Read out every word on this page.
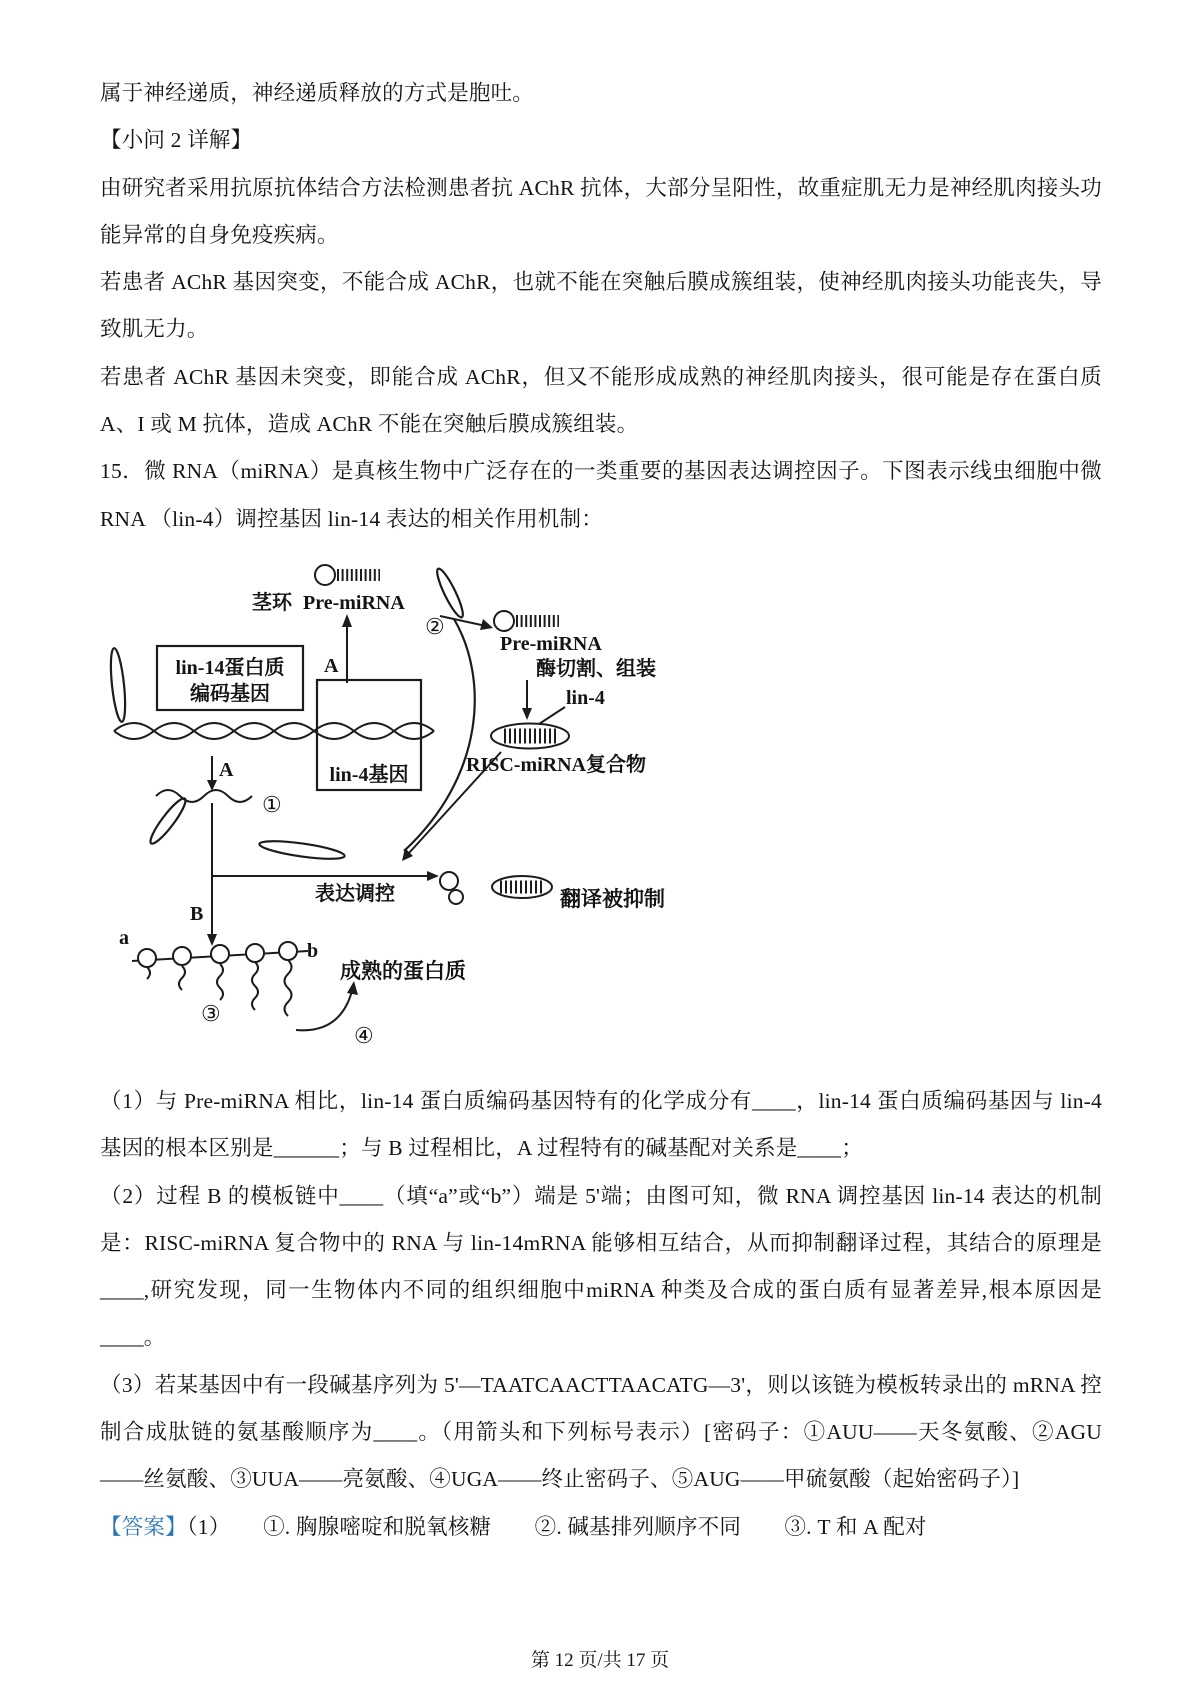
属于神经递质，神经递质释放的方式是胞吐。

【小问 2 详解】

由研究者采用抗原抗体结合方法检测患者抗 AChR 抗体，大部分呈阳性，故重症肌无力是神经肌肉接头功能异常的自身免疫疾病。

若患者 AChR 基因突变，不能合成 AChR，也就不能在突触后膜成簇组装，使神经肌肉接头功能丧失，导致肌无力。

若患者 AChR 基因未突变，即能合成 AChR，但又不能形成成熟的神经肌肉接头，很可能是存在蛋白质 A、I 或 M 抗体，造成 AChR 不能在突触后膜成簇组装。

15．微 RNA（miRNA）是真核生物中广泛存在的一类重要的基因表达调控因子。下图表示线虫细胞中微 RNA （lin-4）调控基因 lin-14 表达的相关作用机制：

茎环 Pre-miRNA
②
A
Pre-miRNA
酶切割、组装
lin-4
RISC-miRNA复合物
lin-14蛋白质
编码基因
lin-4基因
A
①
表达调控	翻译被抑制
B
a
b
成熟的蛋白质
③
④

（1）与 Pre-miRNA 相比，lin-14 蛋白质编码基因特有的化学成分有____，lin-14 蛋白质编码基因与 lin-4 基因的根本区别是______；与 B 过程相比，A 过程特有的碱基配对关系是____；

（2）过程 B 的模板链中____（填“a”或“b”）端是 5'端；由图可知，微 RNA 调控基因 lin-14 表达的机制是：RISC-miRNA 复合物中的 RNA 与 lin-14mRNA 能够相互结合，从而抑制翻译过程，其结合的原理是____,研究发现，同一生物体内不同的组织细胞中miRNA 种类及合成的蛋白质有显著差异,根本原因是____。

（3）若某基因中有一段碱基序列为 5'—TAATCAACTTAACATG—3'，则以该链为模板转录出的 mRNA 控制合成肽链的氨基酸顺序为____。（用箭头和下列标号表示）[密码子：①AUU——天冬氨酸、②AGU——丝氨酸、③UUA——亮氨酸、④UGA——终止密码子、⑤AUG——甲硫氨酸（起始密码子）]

【答案】（1）　　①. 胸腺嘧啶和脱氧核糖　　②. 碱基排列顺序不同　　③. T 和 A 配对

第 12 页/共 17 页
